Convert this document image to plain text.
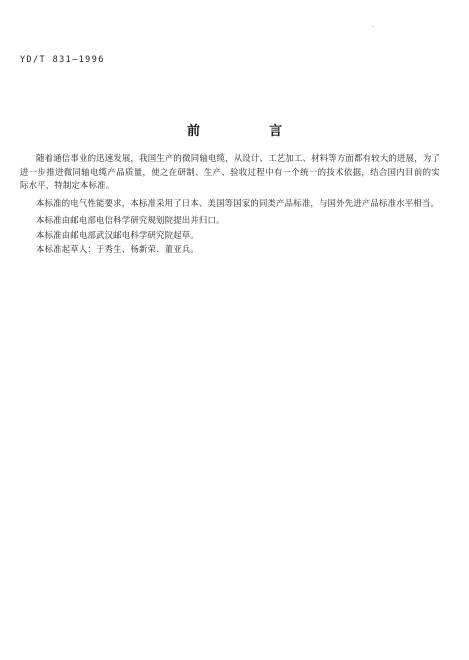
·
YD/T 831—1996
前　言

随着通信事业的迅速发展，我国生产的微同轴电缆，从设计、工艺加工、材料等方面都有较大的进展，为了进一步推进微同轴电缆产品质量，使之在研制、生产、验收过程中有一个统一的技术依据，结合国内目前的实际水平，特制定本标准。

本标准的电气性能要求，本标准采用了日本、美国等国家的同类产品标准，与国外先进产品标准水平相当。

本标准由邮电部电信科学研究规划院提出并归口。

本标准由邮电部武汉邮电科学研究院起草。

本标准起草人：于秀生、杨新荣、董亚兵。
